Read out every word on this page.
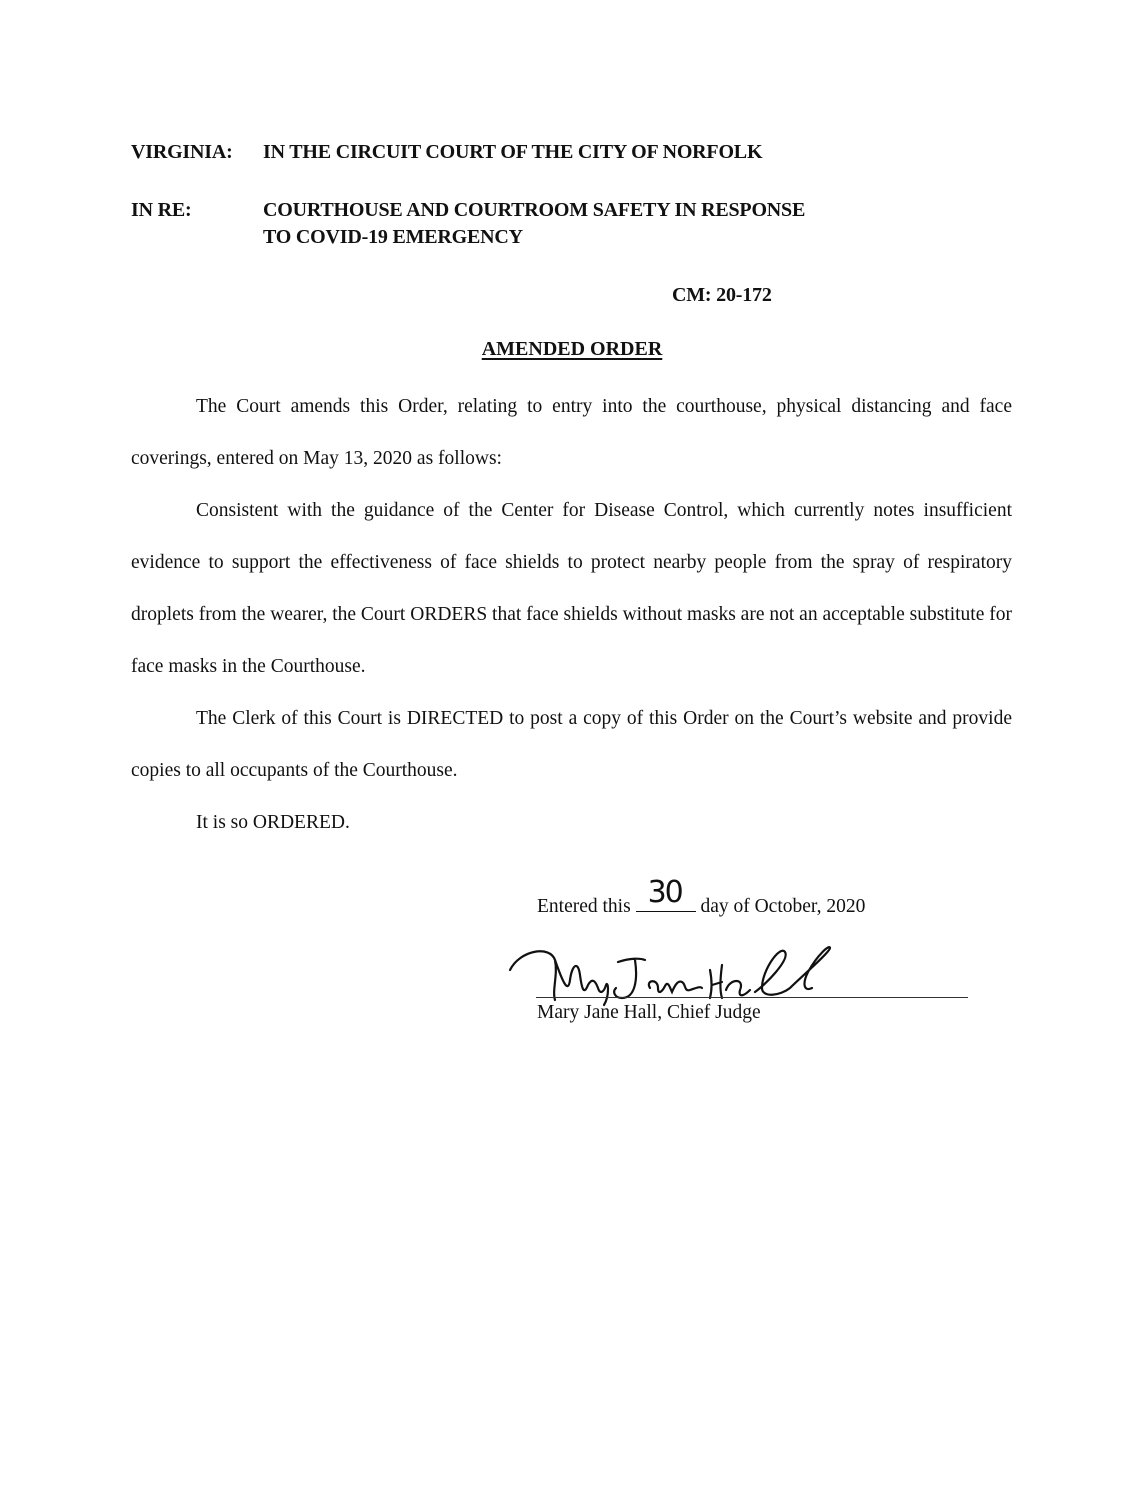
VIRGINIA: IN THE CIRCUIT COURT OF THE CITY OF NORFOLK
IN RE:	COURTHOUSE AND COURTROOM SAFETY IN RESPONSE
TO COVID-19 EMERGENCY
CM: 20-172
AMENDED ORDER

The Court amends this Order, relating to entry into the courthouse, physical distancing and face coverings, entered on May 13, 2020 as follows:

Consistent with the guidance of the Center for Disease Control, which currently notes insufficient evidence to support the effectiveness of face shields to protect nearby people from the spray of respiratory droplets from the wearer, the Court ORDERS that face shields without masks are not an acceptable substitute for face masks in the Courthouse.

The Clerk of this Court is DIRECTED to post a copy of this Order on the Court’s website and provide copies to all occupants of the Courthouse.

It is so ORDERED.

Entered this 30 day of October, 2020
Mary Jane Hall, Chief Judge
